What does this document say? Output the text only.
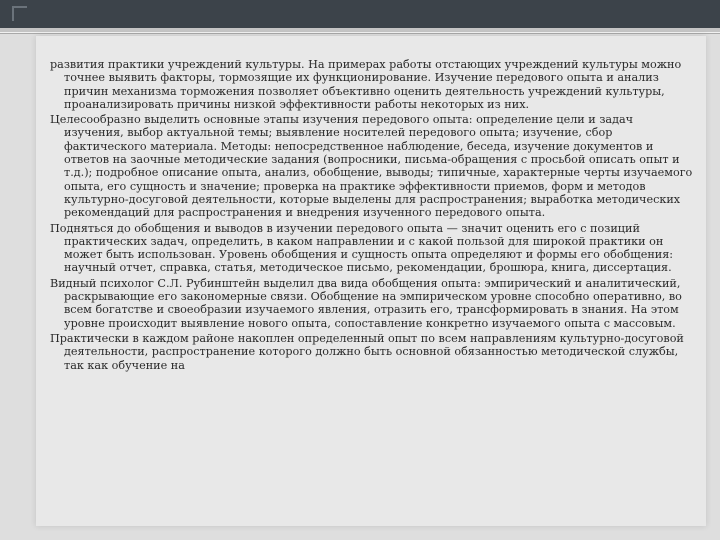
развития практики учреждений культуры. На примерах работы отстающих учреждений культуры можно точнее выявить факторы, тормозящие их функционирование. Изучение передового опыта и анализ причин механизма торможения позволяет объективно оценить деятельность учреждений культуры, проанализировать причины низкой эффективности работы некоторых из них.

Целесообразно выделить основные этапы изучения передового опыта: определение цели и задач изучения, выбор актуальной темы; выявление носителей передового опыта; изучение, сбор фактического материала. Методы: непосредственное наблюдение, беседа, изучение документов и ответов на заочные методические задания (вопросники, письма-обращения с просьбой описать опыт и т.д.); подробное описание опыта, анализ, обобщение, выводы; типичные, характерные черты изучаемого опыта, его сущность и значение; проверка на практике эффективности приемов, форм и методов культурно-досуговой деятельности, которые выделены для распространения; выработка методических рекомендаций для распространения и внедрения изученного передового опыта.

Подняться до обобщения и выводов в изучении передового опыта — значит оценить его с позиций практических задач, определить, в каком направлении и с какой пользой для широкой практики он может быть использован. Уровень обобщения и сущность опыта определяют и формы его обобщения: научный отчет, справка, статья, методическое письмо, рекомендации, брошюра, книга, диссертация.

Видный психолог С.Л. Рубинштейн выделил два вида обобщения опыта: эмпирический и аналитический, раскрывающие его закономерные связи. Обобщение на эмпирическом уровне способно оперативно, во всем богатстве и своеобразии изучаемого явления, отразить его, трансформировать в знания. На этом уровне происходит выявление нового опыта, сопоставление конкретно изучаемого опыта с массовым.

Практически в каждом районе накоплен определенный опыт по всем направлениям культурно-досуговой деятельности, распространение которого должно быть основной обязанностью методической службы, так как обучение на
